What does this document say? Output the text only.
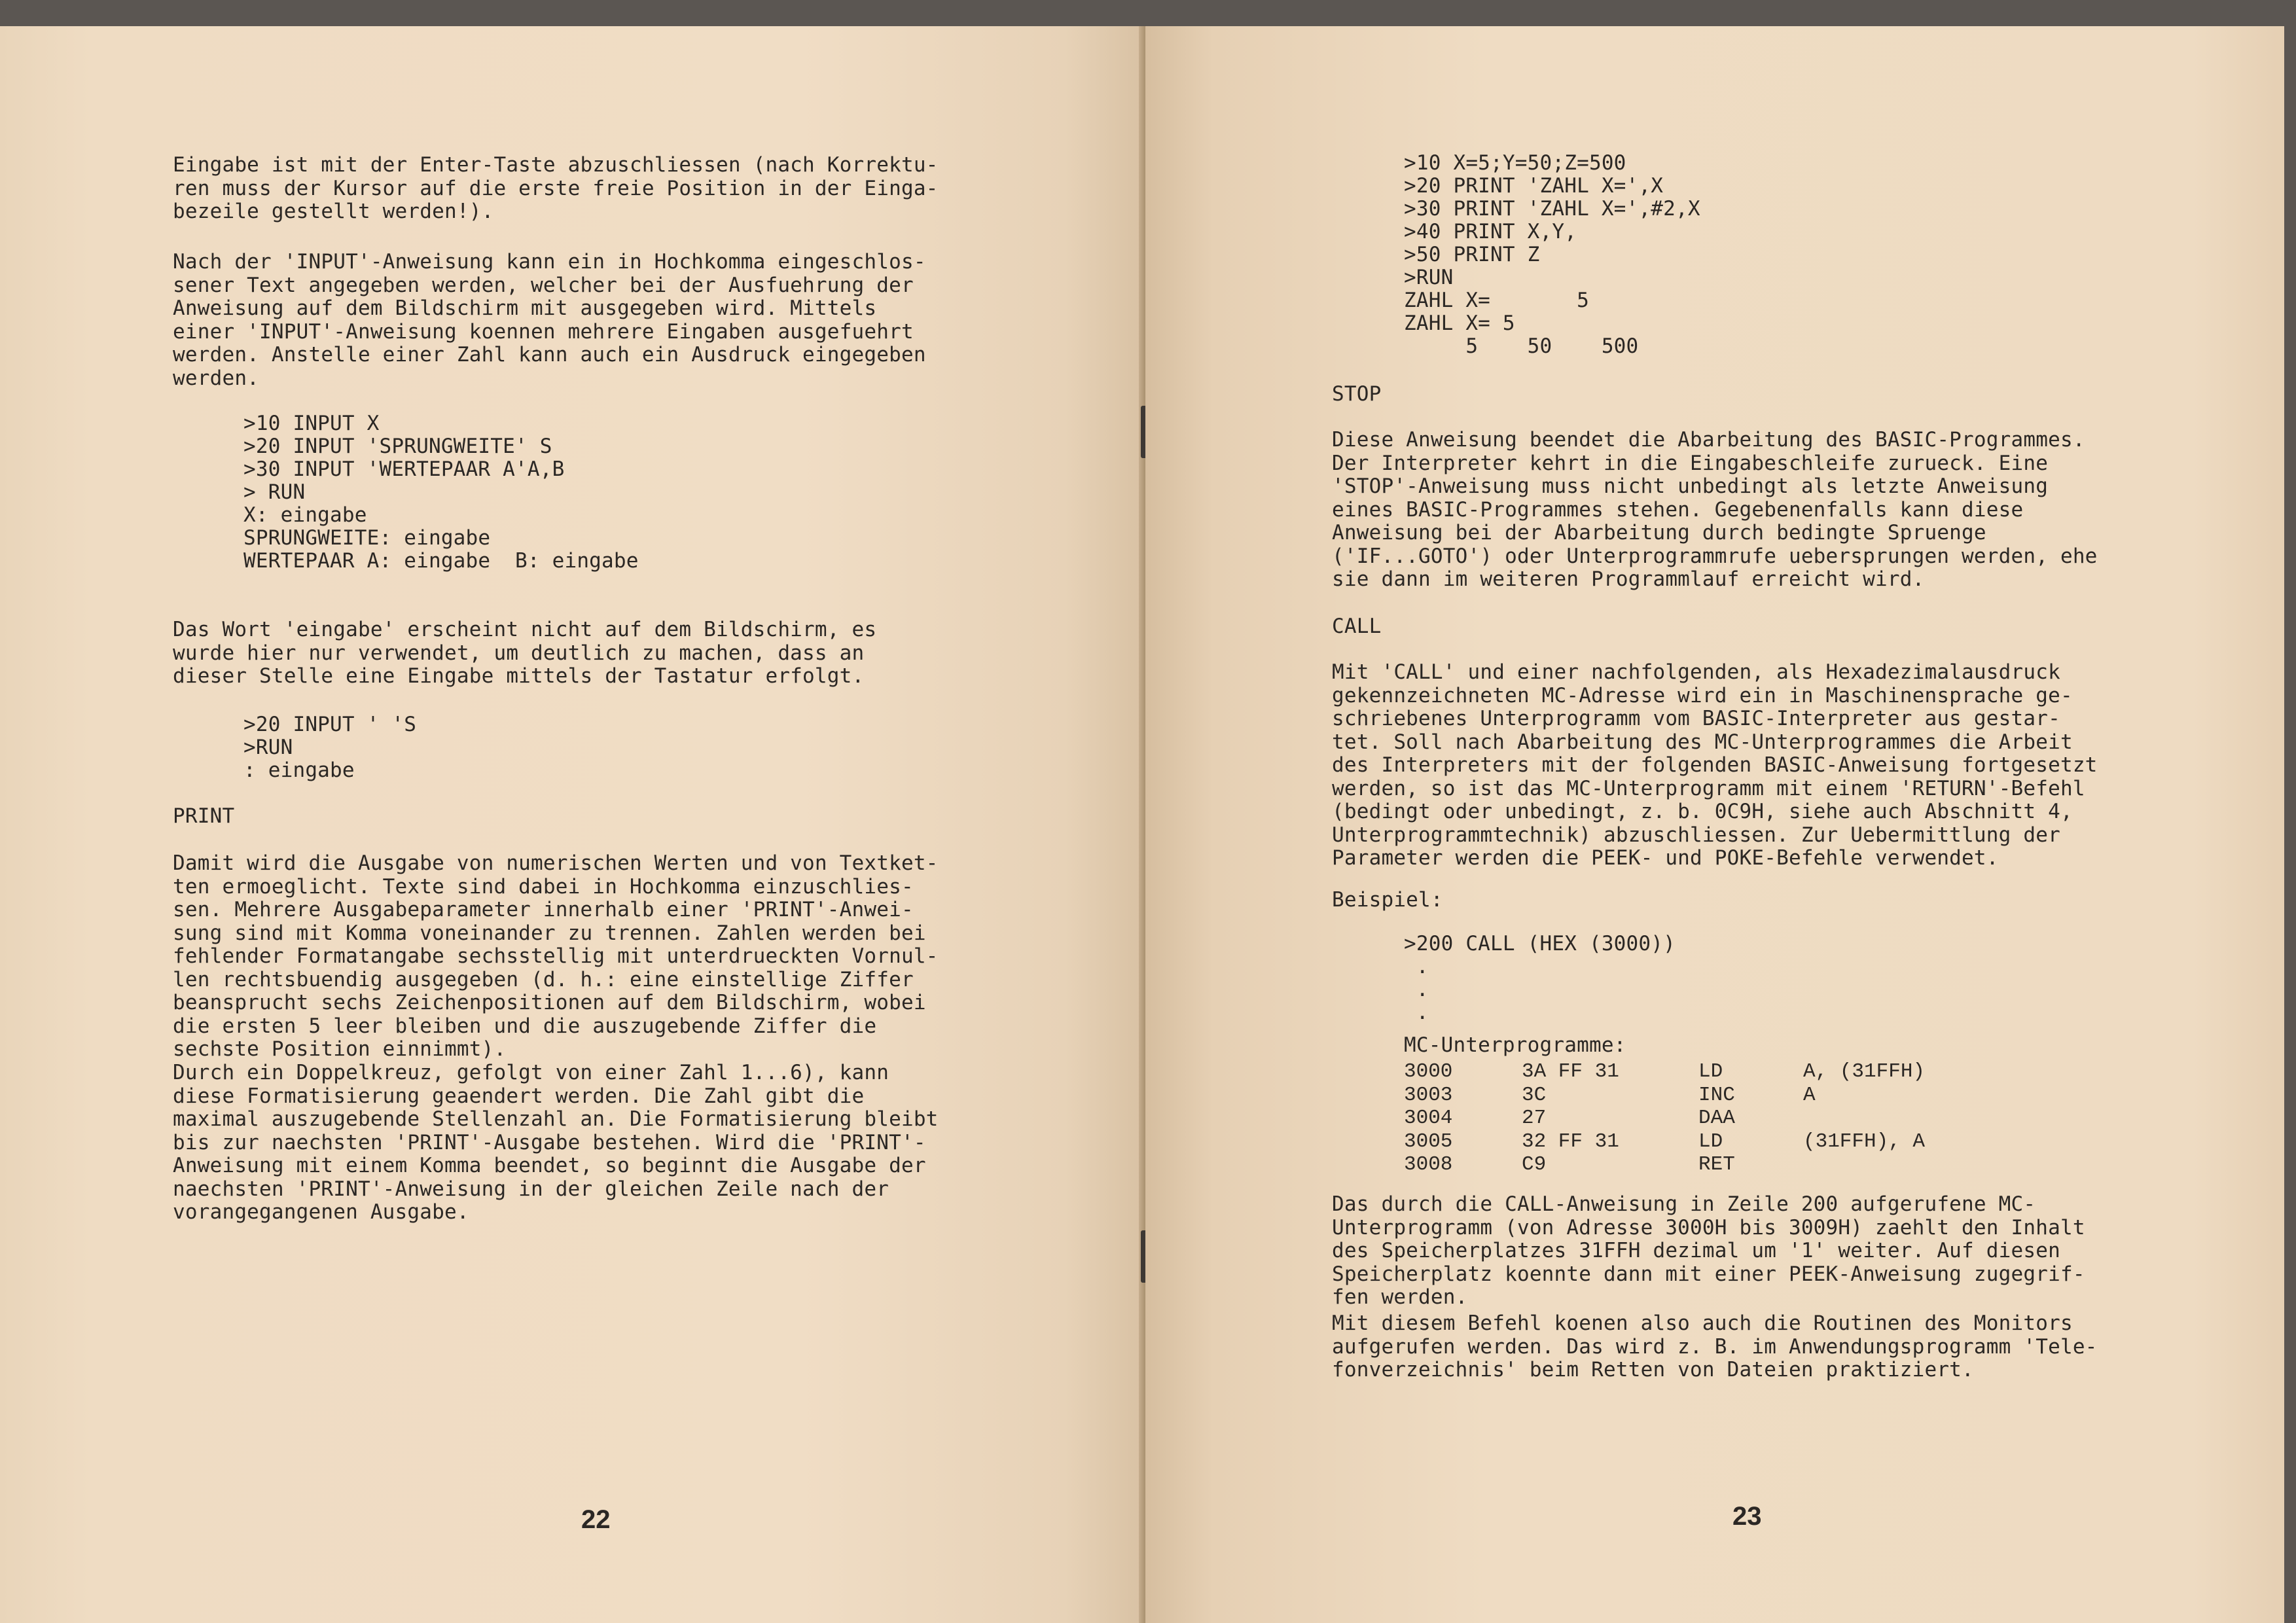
Eingabe ist mit der Enter-Taste abzuschliessen (nach Korrektu-
ren muss der Kursor auf die erste freie Position in der Einga-
bezeile gestellt werden!).
Nach der 'INPUT'-Anweisung kann ein in Hochkomma eingeschlos-
sener Text angegeben werden, welcher bei der Ausfuehrung der
Anweisung auf dem Bildschirm mit ausgegeben wird. Mittels
einer 'INPUT'-Anweisung koennen mehrere Eingaben ausgefuehrt
werden. Anstelle einer Zahl kann auch ein Ausdruck eingegeben
werden.
>10 INPUT X
>20 INPUT 'SPRUNGWEITE' S
>30 INPUT 'WERTEPAAR A'A,B
> RUN
X: eingabe
SPRUNGWEITE: eingabe
WERTEPAAR A: eingabe  B: eingabe
Das Wort 'eingabe' erscheint nicht auf dem Bildschirm, es
wurde hier nur verwendet, um deutlich zu machen, dass an
dieser Stelle eine Eingabe mittels der Tastatur erfolgt.
>20 INPUT ' 'S
>RUN
: eingabe
PRINT
Damit wird die Ausgabe von numerischen Werten und von Textket-
ten ermoeglicht. Texte sind dabei in Hochkomma einzuschlies-
sen. Mehrere Ausgabeparameter innerhalb einer 'PRINT'-Anwei-
sung sind mit Komma voneinander zu trennen. Zahlen werden bei
fehlender Formatangabe sechsstellig mit unterdrueckten Vornul-
len rechtsbuendig ausgegeben (d. h.: eine einstellige Ziffer
beansprucht sechs Zeichenpositionen auf dem Bildschirm, wobei
die ersten 5 leer bleiben und die auszugebende Ziffer die
sechste Position einnimmt).
Durch ein Doppelkreuz, gefolgt von einer Zahl 1...6), kann
diese Formatisierung geaendert werden. Die Zahl gibt die
maximal auszugebende Stellenzahl an. Die Formatisierung bleibt
bis zur naechsten 'PRINT'-Ausgabe bestehen. Wird die 'PRINT'-
Anweisung mit einem Komma beendet, so beginnt die Ausgabe der
naechsten 'PRINT'-Anweisung in der gleichen Zeile nach der
vorangegangenen Ausgabe.
22
>10 X=5;Y=50;Z=500
>20 PRINT 'ZAHL X=',X
>30 PRINT 'ZAHL X=',#2,X
>40 PRINT X,Y,
>50 PRINT Z
>RUN
ZAHL X=       5
ZAHL X= 5
5    50    500
STOP
Diese Anweisung beendet die Abarbeitung des BASIC-Programmes.
Der Interpreter kehrt in die Eingabeschleife zurueck. Eine
'STOP'-Anweisung muss nicht unbedingt als letzte Anweisung
eines BASIC-Programmes stehen. Gegebenenfalls kann diese
Anweisung bei der Abarbeitung durch bedingte Spruenge
('IF...GOTO') oder Unterprogrammrufe uebersprungen werden, ehe
sie dann im weiteren Programmlauf erreicht wird.
CALL
Mit 'CALL' und einer nachfolgenden, als Hexadezimalausdruck
gekennzeichneten MC-Adresse wird ein in Maschinensprache ge-
schriebenes Unterprogramm vom BASIC-Interpreter aus gestar-
tet. Soll nach Abarbeitung des MC-Unterprogrammes die Arbeit
des Interpreters mit der folgenden BASIC-Anweisung fortgesetzt
werden, so ist das MC-Unterprogramm mit einem 'RETURN'-Befehl
(bedingt oder unbedingt, z. b. 0C9H, siehe auch Abschnitt 4,
Unterprogrammtechnik) abzuschliessen. Zur Uebermittlung der
Parameter werden die PEEK- und POKE-Befehle verwendet.
Beispiel:
>200 CALL (HEX (3000))
.
.
.
MC-Unterprogramme:
3000	3A FF 31	LD	A, (31FFH)
3003	3C	INC	A
3004	27	DAA
3005	32 FF 31	LD	(31FFH), A
3008	C9	RET
Das durch die CALL-Anweisung in Zeile 200 aufgerufene MC-
Unterprogramm (von Adresse 3000H bis 3009H) zaehlt den Inhalt
des Speicherplatzes 31FFH dezimal um '1' weiter. Auf diesen
Speicherplatz koennte dann mit einer PEEK-Anweisung zugegrif-
fen werden.
Mit diesem Befehl koenen also auch die Routinen des Monitors
aufgerufen werden. Das wird z. B. im Anwendungsprogramm 'Tele-
fonverzeichnis' beim Retten von Dateien praktiziert.
23
